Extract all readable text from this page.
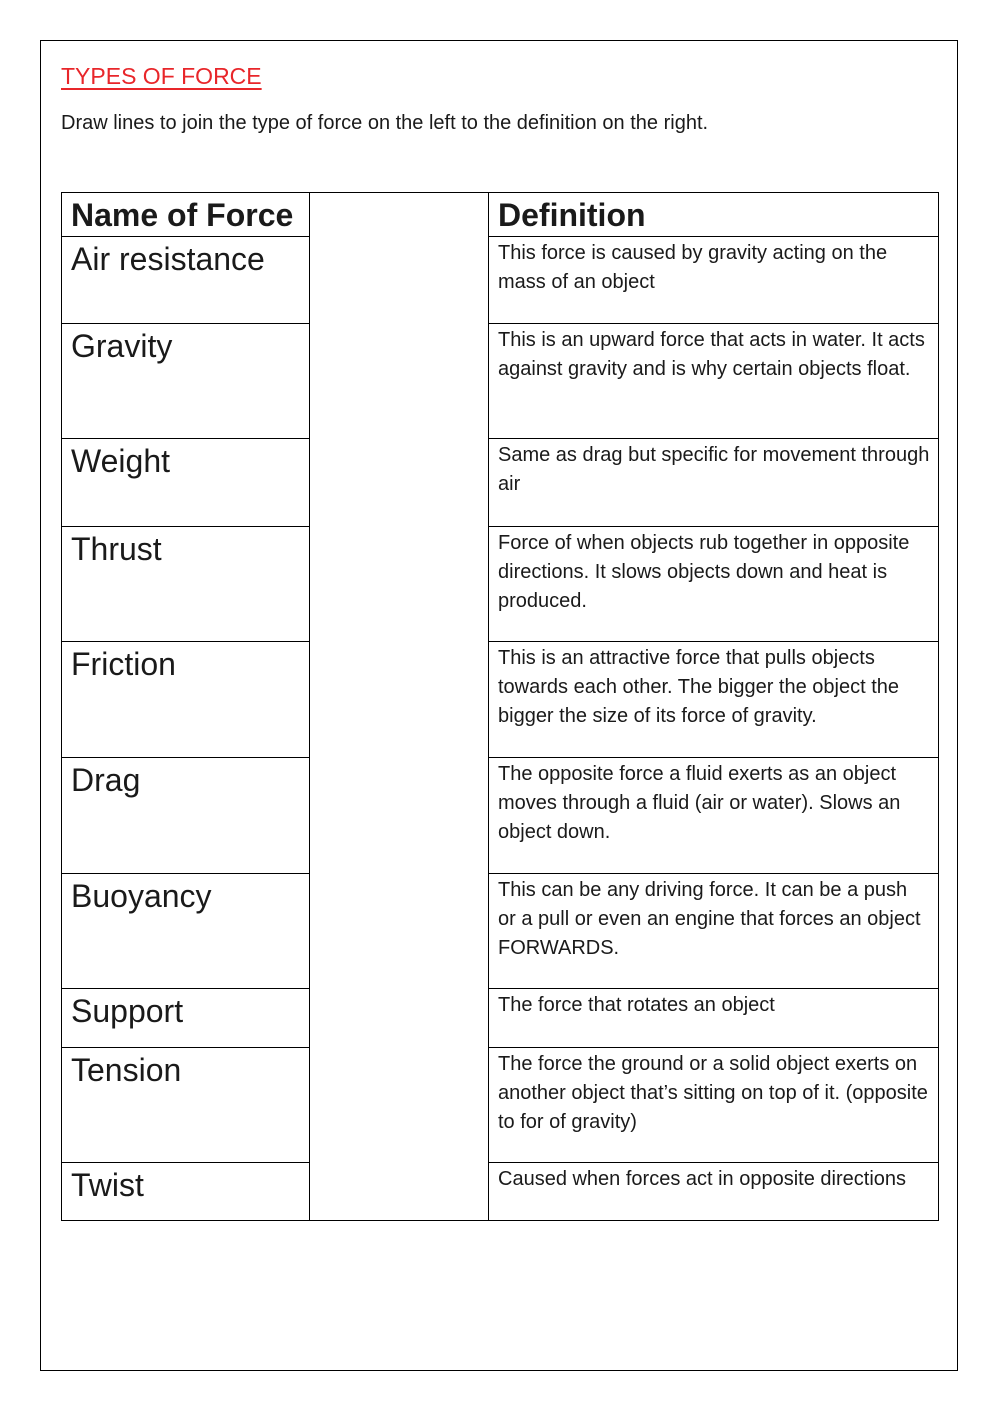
TYPES OF FORCE
Draw lines to join the type of force on the left to the definition on the right.
Name of Force		Definition
Air resistance		This force is caused by gravity acting on the mass of an object
Gravity		This is an upward force that acts in water. It acts against gravity and is why certain objects float.
Weight		Same as drag but specific for movement through air
Thrust		Force of when objects rub together in opposite directions. It slows objects down and heat is produced.
Friction		This is an attractive force that pulls objects towards each other. The bigger the object the bigger the size of its force of gravity.
Drag		The opposite force a fluid exerts as an object moves through a fluid (air or water). Slows an object down.
Buoyancy		This can be any driving force. It can be a push or a pull or even an engine that forces an object FORWARDS.
Support		The force that rotates an object
Tension		The force the ground or a solid object exerts on another object that’s sitting on top of it. (opposite to for of gravity)
Twist		Caused when forces act in opposite directions
